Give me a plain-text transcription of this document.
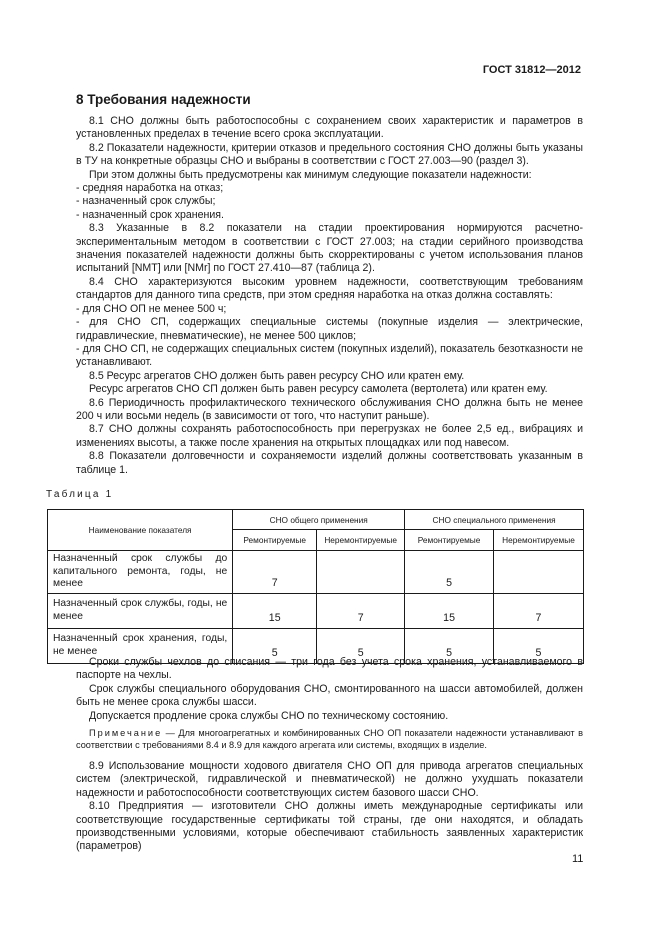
ГОСТ 31812—2012
8 Требования надежности

8.1 СНО должны быть работоспособны с сохранением своих характеристик и параметров в установленных пределах в течение всего срока эксплуатации.

8.2 Показатели надежности, критерии отказов и предельного состояния СНО должны быть указаны в ТУ на конкретные образцы СНО и выбраны в соответствии с ГОСТ 27.003—90 (раздел 3).

При этом должны быть предусмотрены как минимум следующие показатели надежности:

- средняя наработка на отказ;

- назначенный срок службы;

- назначенный срок хранения.

8.3 Указанные в 8.2 показатели на стадии проектирования нормируются расчетно-экспериментальным методом в соответствии с ГОСТ 27.003; на стадии серийного производства значения показателей надежности должны быть скорректированы с учетом использования планов испытаний [NМТ] или [NМr] по ГОСТ 27.410—87 (таблица 2).

8.4 СНО характеризуются высоким уровнем надежности, соответствующим требованиям стандартов для данного типа средств, при этом средняя наработка на отказ должна составлять:

- для СНО ОП не менее 500 ч;

- для СНО СП, содержащих специальные системы (покупные изделия — электрические, гидравлические, пневматические), не менее 500 циклов;

- для СНО СП, не содержащих специальных систем (покупных изделий), показатель безотказности не устанавливают.

8.5 Ресурс агрегатов СНО должен быть равен ресурсу СНО или кратен ему.

Ресурс агрегатов СНО СП должен быть равен ресурсу самолета (вертолета) или кратен ему.

8.6 Периодичность профилактического технического обслуживания СНО должна быть не менее 200 ч или восьми недель (в зависимости от того, что наступит раньше).

8.7 СНО должны сохранять работоспособность при перегрузках не более 2,5 ед., вибрациях и изменениях высоты, а также после хранения на открытых площадках или под навесом.

8.8 Показатели долговечности и сохраняемости изделий должны соответствовать указанным в таблице 1.

Таблица 1
Наименование показателя	СНО общего применения		СНО специального применения	
	Ремонтируемые	Неремонтируемые	Ремонтируемые	Неремонтируемые
Назначенный срок службы до капитального ремонта, годы, не менее	7		5	
Назначенный срок службы, годы, не менее	15	7	15	7
Назначенный срок хранения, годы, не менее	5	5	5	5

Сроки службы чехлов до списания — три года без учета срока хранения, устанавливаемого в паспорте на чехлы.

Срок службы специального оборудования СНО, смонтированного на шасси автомобилей, должен быть не менее срока службы шасси.

Допускается продление срока службы СНО по техническому состоянию.

Примечание — Для многоагрегатных и комбинированных СНО ОП показатели надежности устанавливают в соответствии с требованиями 8.4 и 8.9 для каждого агрегата или системы, входящих в изделие.

8.9 Использование мощности ходового двигателя СНО ОП для привода агрегатов специальных систем (электрической, гидравлической и пневматической) не должно ухудшать показатели надежности и работоспособности соответствующих систем базового шасси СНО.

8.10 Предприятия — изготовители СНО должны иметь международные сертификаты или соответствующие государственные сертификаты той страны, где они находятся, и обладать производственными условиями, которые обеспечивают стабильность заявленных характеристик (параметров)

11
